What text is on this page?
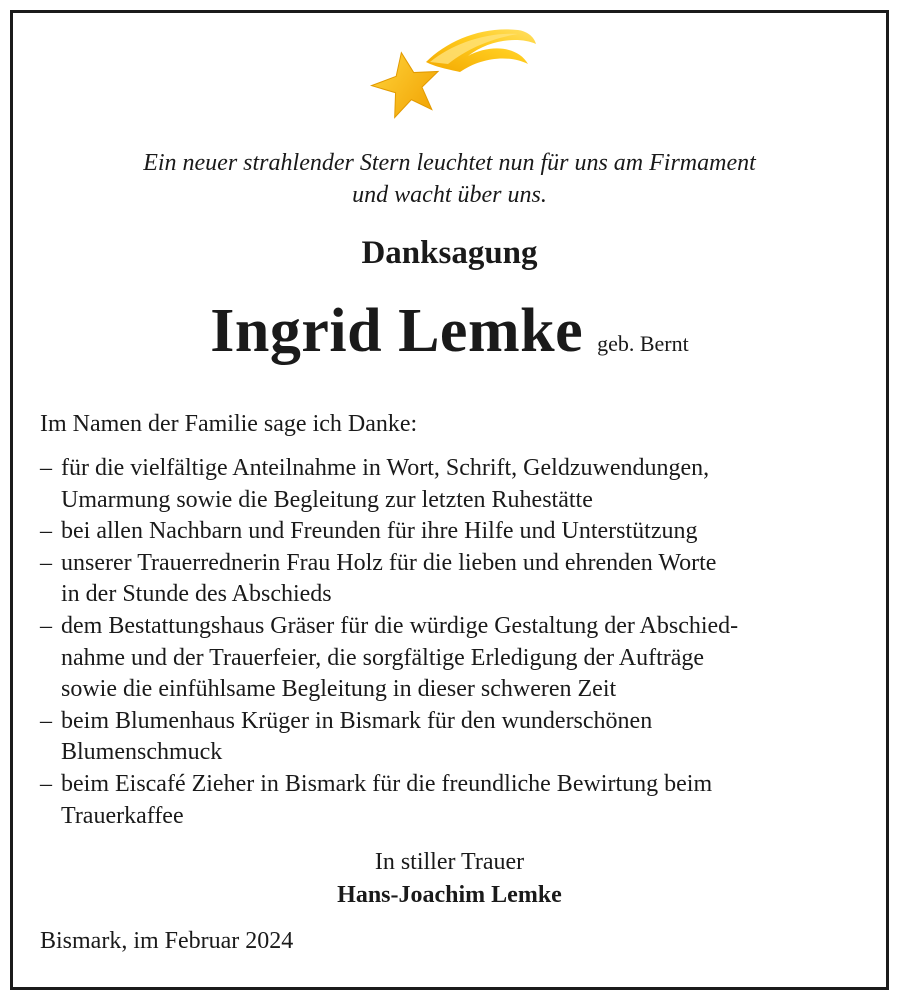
Ein neuer strahlender Stern leuchtet nun für uns am Firmament
und wacht über uns.
Danksagung
Ingrid Lemke geb. Bernt
Im Namen der Familie sage ich Danke:
– für die vielfältige Anteilnahme in Wort, Schrift, Geldzuwendungen,
Umarmung sowie die Begleitung zur letzten Ruhestätte
– bei allen Nachbarn und Freunden für ihre Hilfe und Unterstützung
– unserer Trauerrednerin Frau Holz für die lieben und ehrenden Worte
in der Stunde des Abschieds
– dem Bestattungshaus Gräser für die würdige Gestaltung der Abschied-
nahme und der Trauerfeier, die sorgfältige Erledigung der Aufträge
sowie die einfühlsame Begleitung in dieser schweren Zeit
– beim Blumenhaus Krüger in Bismark für den wunderschönen
Blumenschmuck
– beim Eiscafé Zieher in Bismark für die freundliche Bewirtung beim
Trauerkaffee
In stiller Trauer
Hans-Joachim Lemke
Bismark, im Februar 2024
